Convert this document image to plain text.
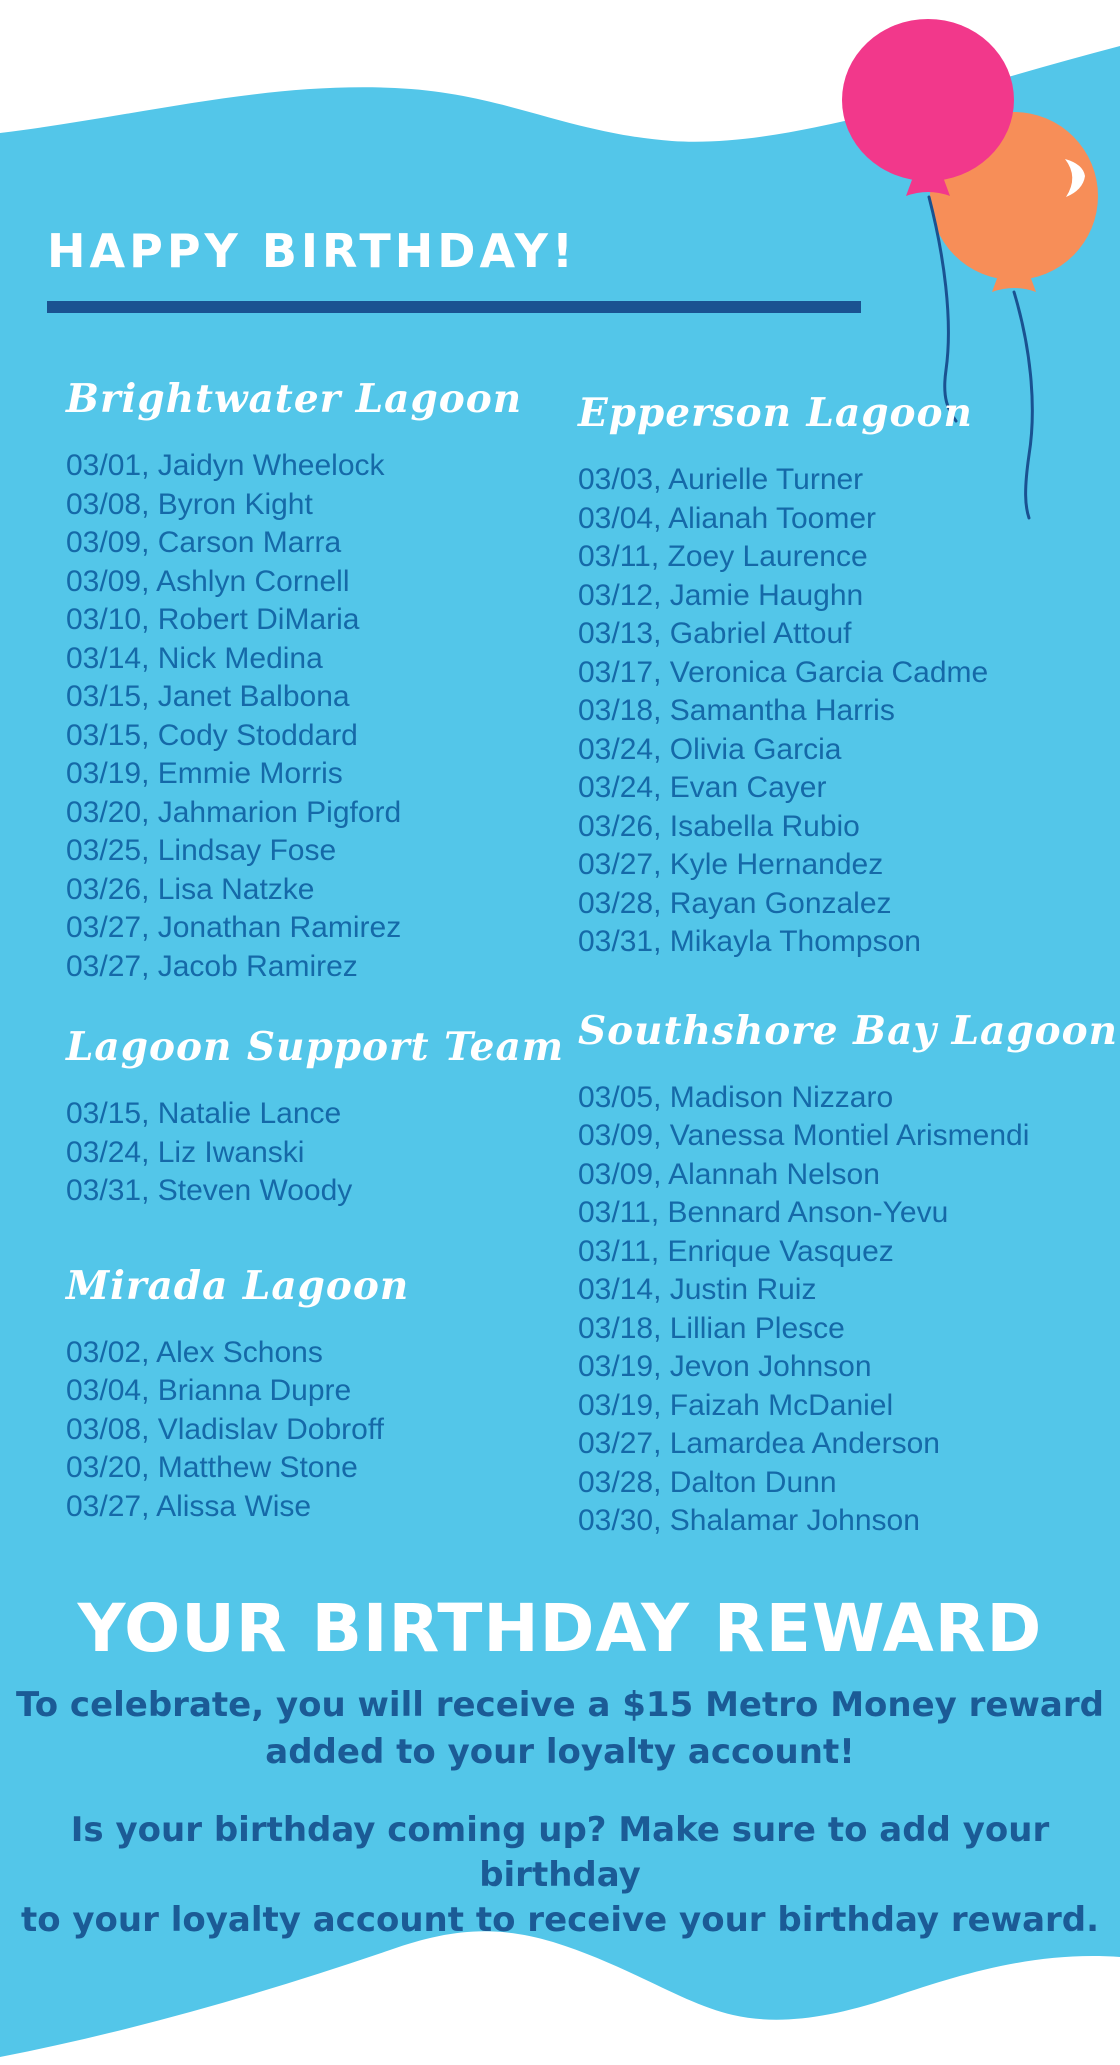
HAPPY BIRTHDAY!
Brightwater Lagoon
03/01, Jaidyn Wheelock
03/08, Byron Kight
03/09, Carson Marra
03/09, Ashlyn Cornell
03/10, Robert DiMaria
03/14, Nick Medina
03/15, Janet Balbona
03/15, Cody Stoddard
03/19, Emmie Morris
03/20, Jahmarion Pigford
03/25, Lindsay Fose
03/26, Lisa Natzke
03/27, Jonathan Ramirez
03/27, Jacob Ramirez
Lagoon Support Team
03/15, Natalie Lance
03/24, Liz Iwanski
03/31, Steven Woody
Mirada Lagoon
03/02, Alex Schons
03/04, Brianna Dupre
03/08, Vladislav Dobroff
03/20, Matthew Stone
03/27, Alissa Wise
Epperson Lagoon
03/03, Aurielle Turner
03/04, Alianah Toomer
03/11, Zoey Laurence
03/12, Jamie Haughn
03/13, Gabriel Attouf
03/17, Veronica Garcia Cadme
03/18, Samantha Harris
03/24, Olivia Garcia
03/24, Evan Cayer
03/26, Isabella Rubio
03/27, Kyle Hernandez
03/28, Rayan Gonzalez
03/31, Mikayla Thompson
Southshore Bay Lagoon
03/05, Madison Nizzaro
03/09, Vanessa Montiel Arismendi
03/09, Alannah Nelson
03/11, Bennard Anson-Yevu
03/11, Enrique Vasquez
03/14, Justin Ruiz
03/18, Lillian Plesce
03/19, Jevon Johnson
03/19, Faizah McDaniel
03/27, Lamardea Anderson
03/28, Dalton Dunn
03/30, Shalamar Johnson
YOUR BIRTHDAY REWARD
To celebrate, you will receive a $15 Metro Money reward
added to your loyalty account!
Is your birthday coming up? Make sure to add your birthday
to your loyalty account to receive your birthday reward.
